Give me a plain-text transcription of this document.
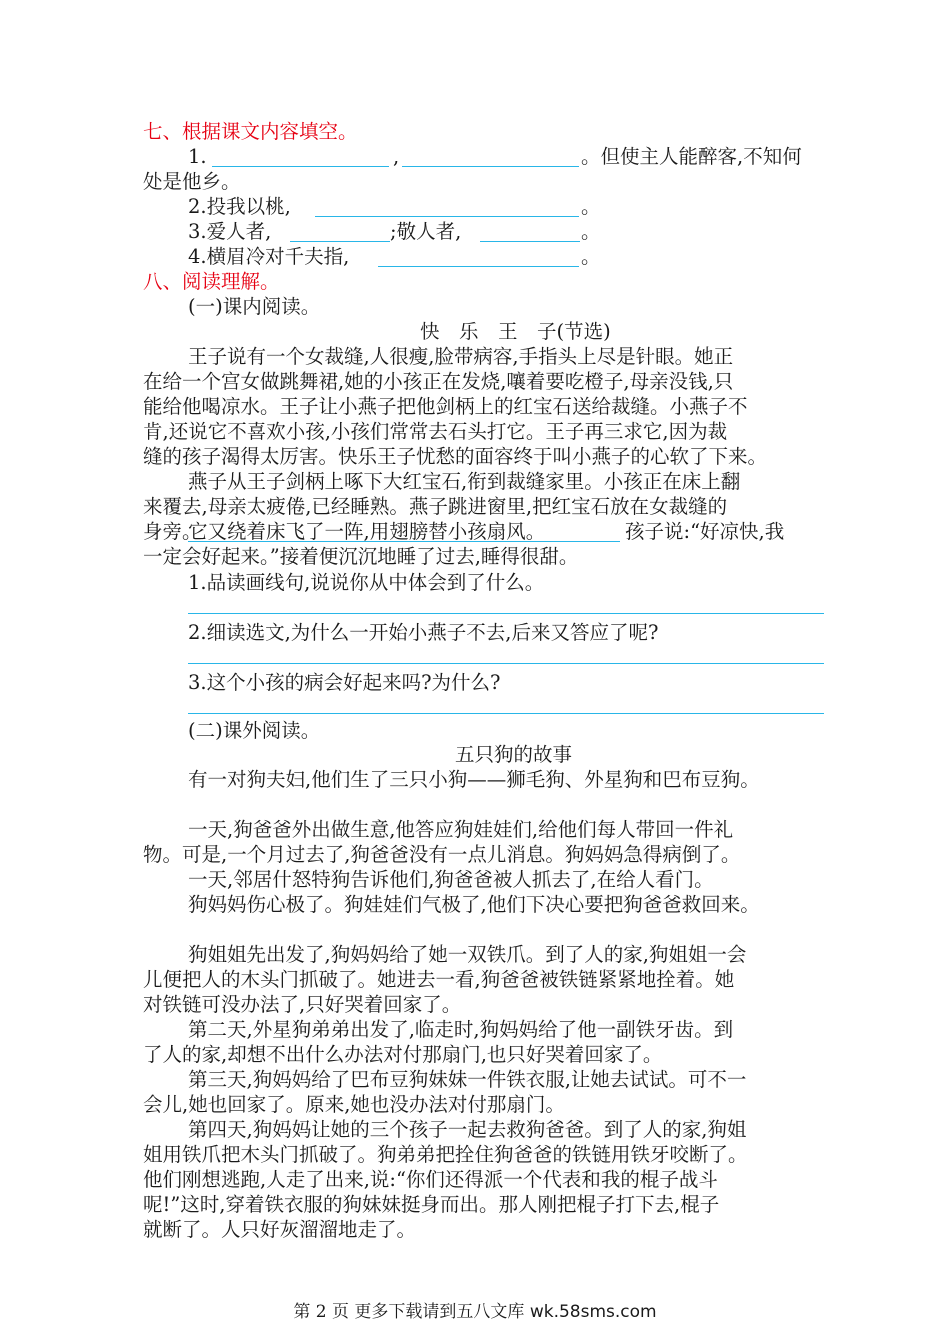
七、根据课文内容填空。
1.	,	。但使主人能醉客,不知何
处是他乡。
2.投我以桃,	。
3.爱人者,	;敬人者,	。
4.横眉冷对千夫指,	。
八、阅读理解。
(一)课内阅读。
快　乐　王　子(节选)
王子说有一个女裁缝,人很瘦,脸带病容,手指头上尽是针眼。她正
在给一个宫女做跳舞裙,她的小孩正在发烧,嚷着要吃橙子,母亲没钱,只
能给他喝凉水。王子让小燕子把他剑柄上的红宝石送给裁缝。小燕子不
肯,还说它不喜欢小孩,小孩们常常去石头打它。王子再三求它,因为裁
缝的孩子渴得太厉害。快乐王子忧愁的面容终于叫小燕子的心软了下来。
燕子从王子剑柄上啄下大红宝石,衔到裁缝家里。小孩正在床上翻
来覆去,母亲太疲倦,已经睡熟。燕子跳进窗里,把红宝石放在女裁缝的
身旁。
它又绕着床飞了一阵,用翅膀替小孩扇风。	孩子说:“好凉快,我
一定会好起来。”接着便沉沉地睡了过去,睡得很甜。
1.品读画线句,说说你从中体会到了什么。
2.细读选文,为什么一开始小燕子不去,后来又答应了呢?
3.这个小孩的病会好起来吗?为什么?
(二)课外阅读。
五只狗的故事
有一对狗夫妇,他们生了三只小狗——狮毛狗、外星狗和巴布豆狗。
一天,狗爸爸外出做生意,他答应狗娃娃们,给他们每人带回一件礼
物。可是,一个月过去了,狗爸爸没有一点儿消息。狗妈妈急得病倒了。
一天,邻居什怒特狗告诉他们,狗爸爸被人抓去了,在给人看门。
狗妈妈伤心极了。狗娃娃们气极了,他们下决心要把狗爸爸救回来。
狗姐姐先出发了,狗妈妈给了她一双铁爪。到了人的家,狗姐姐一会
儿便把人的木头门抓破了。她进去一看,狗爸爸被铁链紧紧地拴着。她
对铁链可没办法了,只好哭着回家了。
第二天,外星狗弟弟出发了,临走时,狗妈妈给了他一副铁牙齿。到
了人的家,却想不出什么办法对付那扇门,也只好哭着回家了。
第三天,狗妈妈给了巴布豆狗妹妹一件铁衣服,让她去试试。可不一
会儿,她也回家了。原来,她也没办法对付那扇门。
第四天,狗妈妈让她的三个孩子一起去救狗爸爸。到了人的家,狗姐
姐用铁爪把木头门抓破了。狗弟弟把拴住狗爸爸的铁链用铁牙咬断了。
他们刚想逃跑,人走了出来,说:“你们还得派一个代表和我的棍子战斗
呢!”这时,穿着铁衣服的狗妹妹挺身而出。那人刚把棍子打下去,棍子
就断了。人只好灰溜溜地走了。
第 2 页 更多下载请到五八文库 wk.58sms.com
